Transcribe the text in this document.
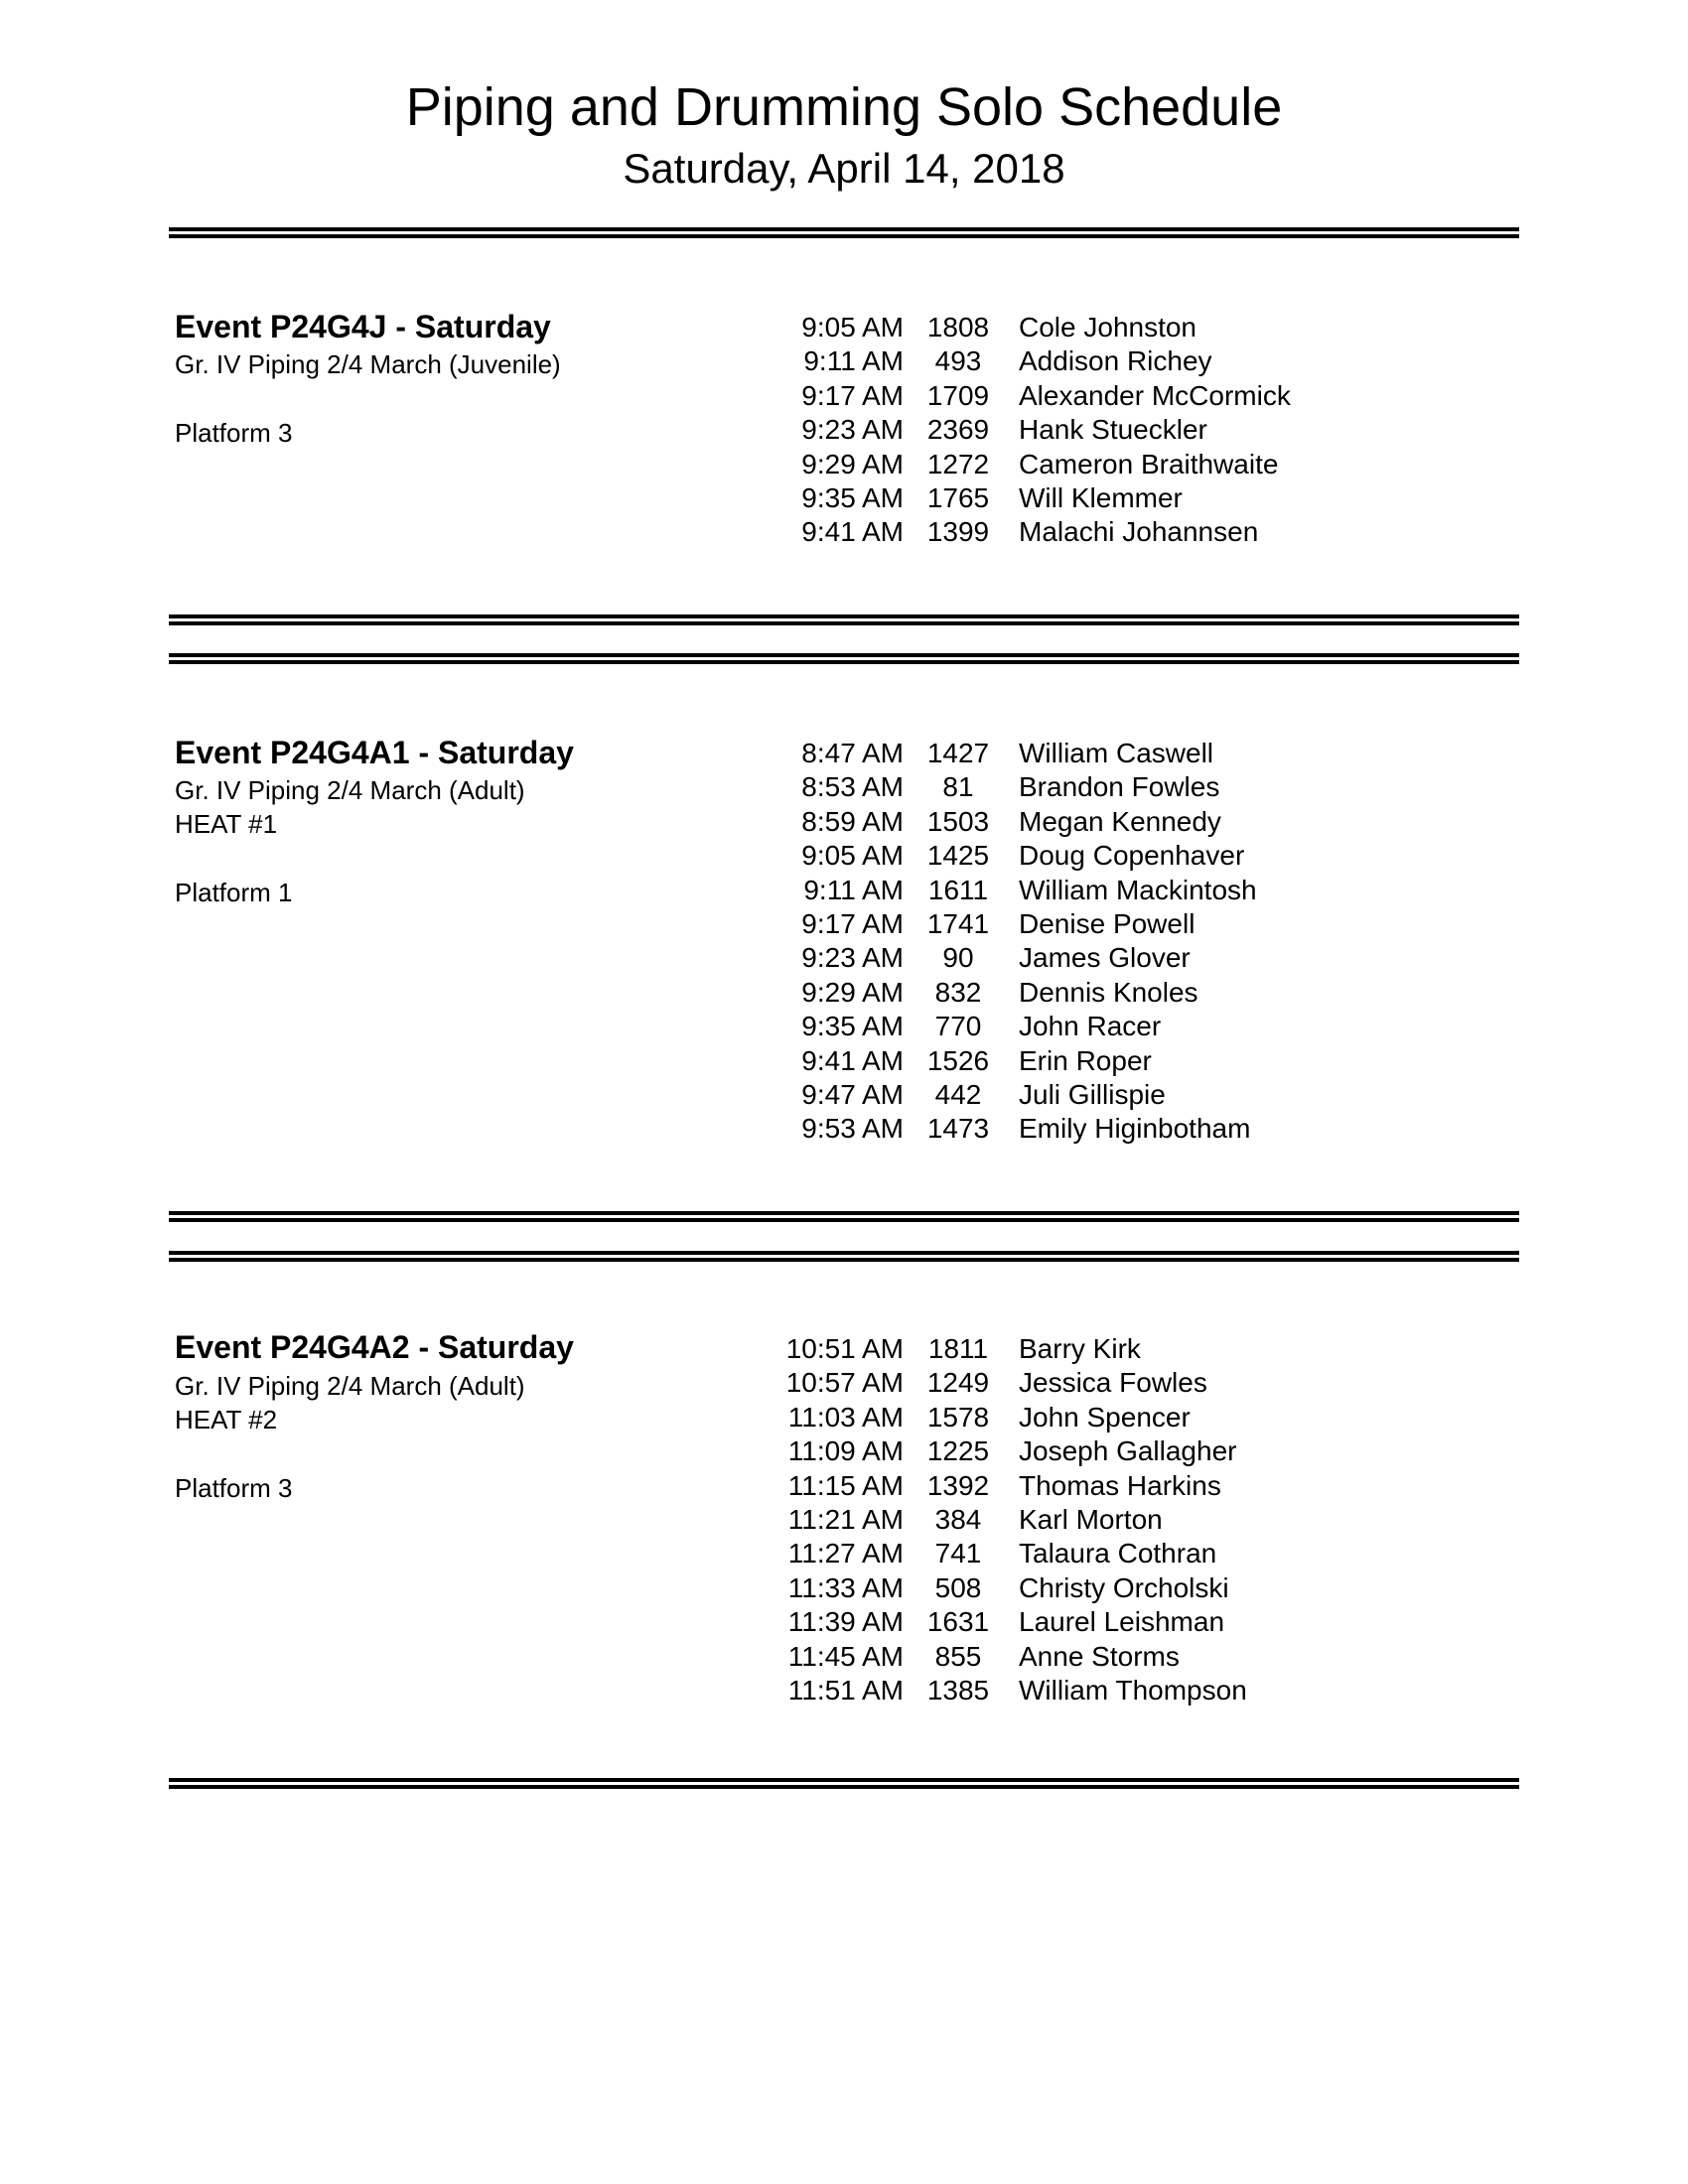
Piping and Drumming Solo Schedule
Saturday, April 14, 2018
Event P24G4J - Saturday
Gr. IV Piping 2/4 March (Juvenile)
Platform 3
9:05 AM 1808	Cole Johnston
9:11 AM	493	Addison Richey
9:17 AM 1709	Alexander McCormick
9:23 AM 2369	Hank Stueckler
9:29 AM 1272	Cameron Braithwaite
9:35 AM 1765	Will Klemmer
9:41 AM 1399	Malachi Johannsen
Event P24G4A1 - Saturday
Gr. IV Piping 2/4 March (Adult)
HEAT #1
Platform 1
8:47 AM 1427	William Caswell
8:53 AM	81	Brandon Fowles
8:59 AM 1503	Megan Kennedy
9:05 AM 1425	Doug Copenhaver
9:11 AM 1611	William Mackintosh
9:17 AM 1741	Denise Powell
9:23 AM	90	James Glover
9:29 AM	832	Dennis Knoles
9:35 AM	770	John Racer
9:41 AM 1526	Erin Roper
9:47 AM	442	Juli Gillispie
9:53 AM 1473	Emily Higinbotham
Event P24G4A2 - Saturday
Gr. IV Piping 2/4 March (Adult)
HEAT #2
Platform 3
10:51 AM 1811	Barry Kirk
10:57 AM 1249	Jessica Fowles
11:03 AM 1578	John Spencer
11:09 AM 1225	Joseph Gallagher
11:15 AM 1392	Thomas Harkins
11:21 AM	384	Karl Morton
11:27 AM	741	Talaura Cothran
11:33 AM	508	Christy Orcholski
11:39 AM 1631	Laurel Leishman
11:45 AM	855	Anne Storms
11:51 AM 1385	William Thompson
